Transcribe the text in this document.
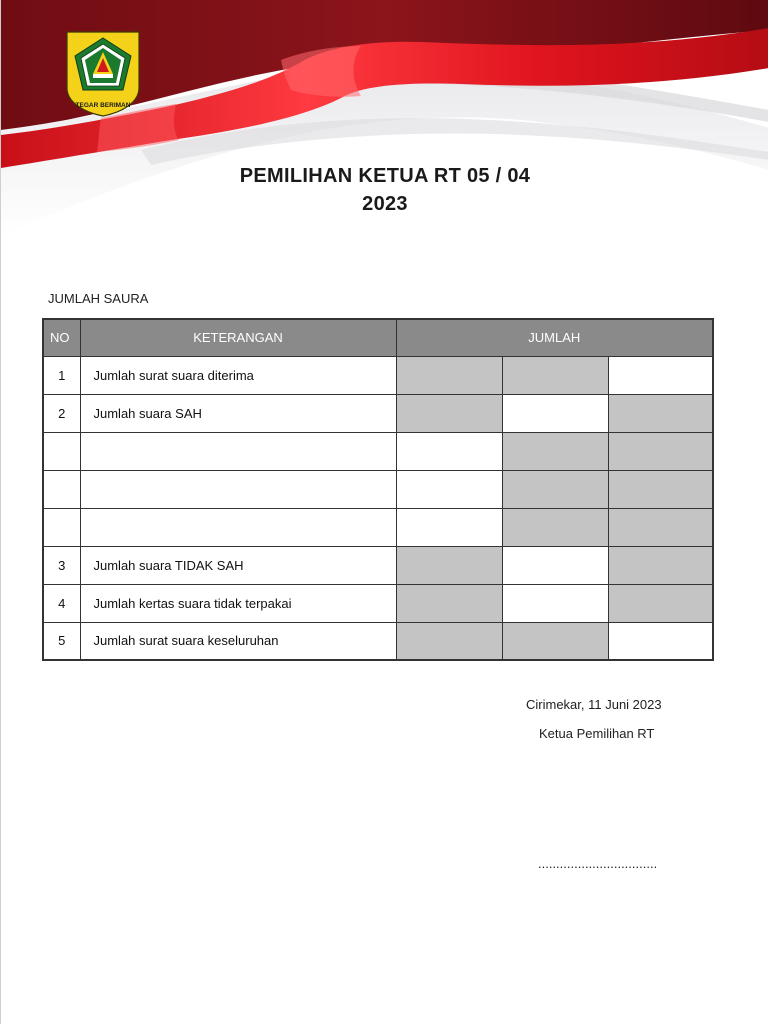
TEGAR BERIMAN
PEMILIHAN KETUA RT 05 / 04
2023
JUMLAH SAURA
NO	KETERANGAN	JUMLAH		
1	Jumlah surat suara diterima			
2	Jumlah suara SAH			

3	Jumlah suara TIDAK SAH			
4	Jumlah kertas suara tidak terpakai			
5	Jumlah surat suara keseluruhan			
Cirimekar, 11 Juni 2023
Ketua Pemilihan RT
.................................
